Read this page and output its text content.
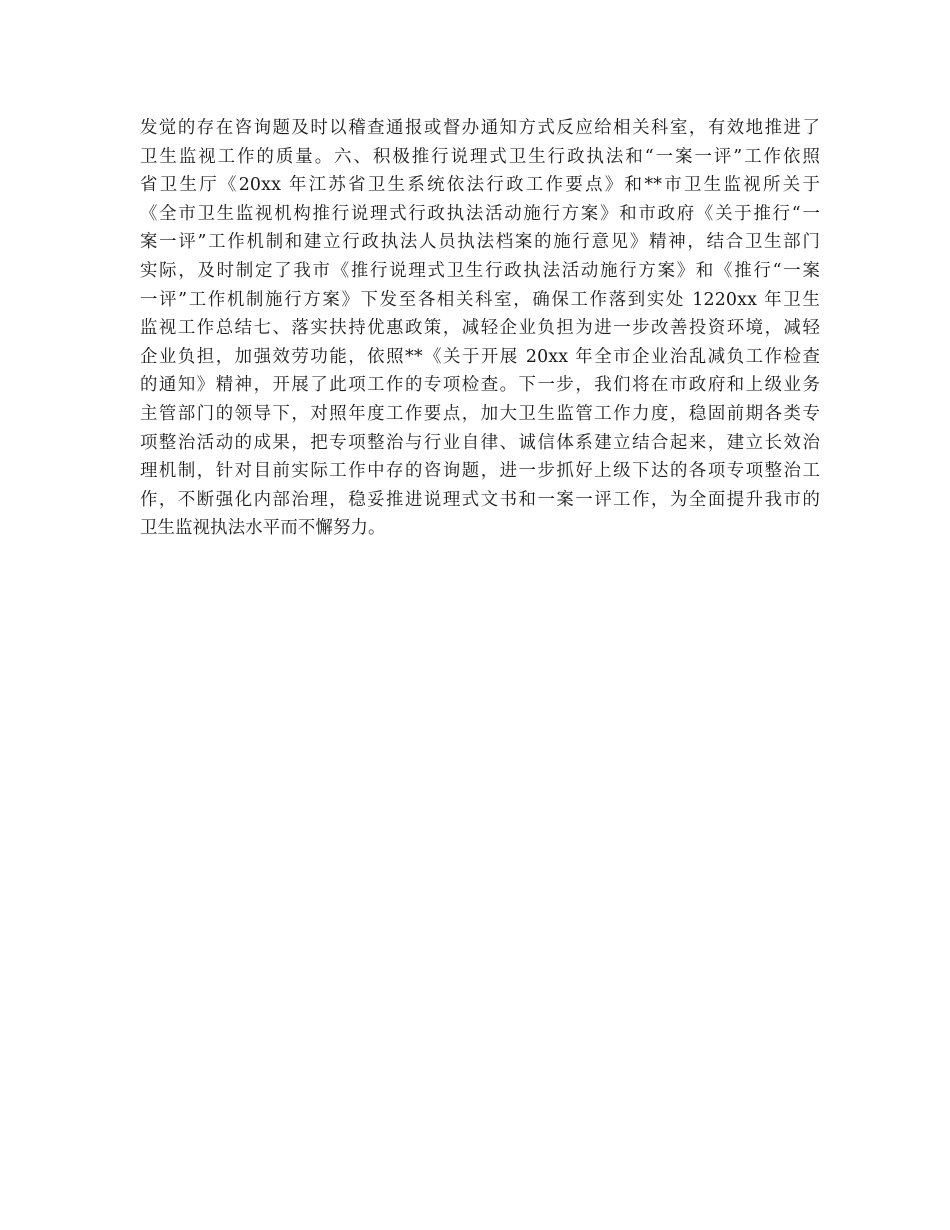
发觉的存在咨询题及时以稽查通报或督办通知方式反应给相关科室，有效地推进了
卫生监视工作的质量。六、积极推行说理式卫生行政执法和“一案一评”工作依照
省卫生厅《20xx 年江苏省卫生系统依法行政工作要点》和**市卫生监视所关于
《全市卫生监视机构推行说理式行政执法活动施行方案》和市政府《关于推行“一
案一评”工作机制和建立行政执法人员执法档案的施行意见》精神，结合卫生部门
实际，及时制定了我市《推行说理式卫生行政执法活动施行方案》和《推行“一案
一评”工作机制施行方案》下发至各相关科室，确保工作落到实处 1220xx 年卫生
监视工作总结七、落实扶持优惠政策，减轻企业负担为进一步改善投资环境，减轻
企业负担，加强效劳功能，依照**《关于开展 20xx 年全市企业治乱减负工作检查
的通知》精神，开展了此项工作的专项检查。下一步，我们将在市政府和上级业务
主管部门的领导下，对照年度工作要点，加大卫生监管工作力度，稳固前期各类专
项整治活动的成果，把专项整治与行业自律、诚信体系建立结合起来，建立长效治
理机制，针对目前实际工作中存的咨询题，进一步抓好上级下达的各项专项整治工
作，不断强化内部治理，稳妥推进说理式文书和一案一评工作，为全面提升我市的
卫生监视执法水平而不懈努力。
